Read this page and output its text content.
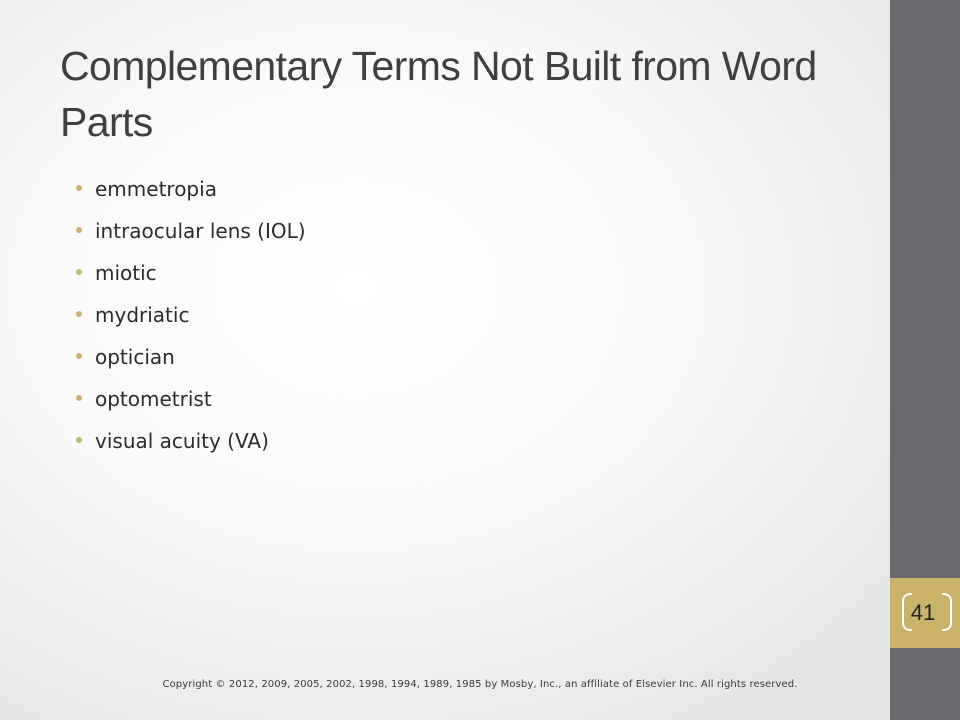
Complementary Terms Not Built from Word Parts
emmetropia
intraocular lens (IOL)
miotic
mydriatic
optician
optometrist
visual acuity (VA)
41
Copyright © 2012, 2009, 2005, 2002, 1998, 1994, 1989, 1985 by Mosby, Inc., an affiliate of Elsevier Inc. All rights reserved.
